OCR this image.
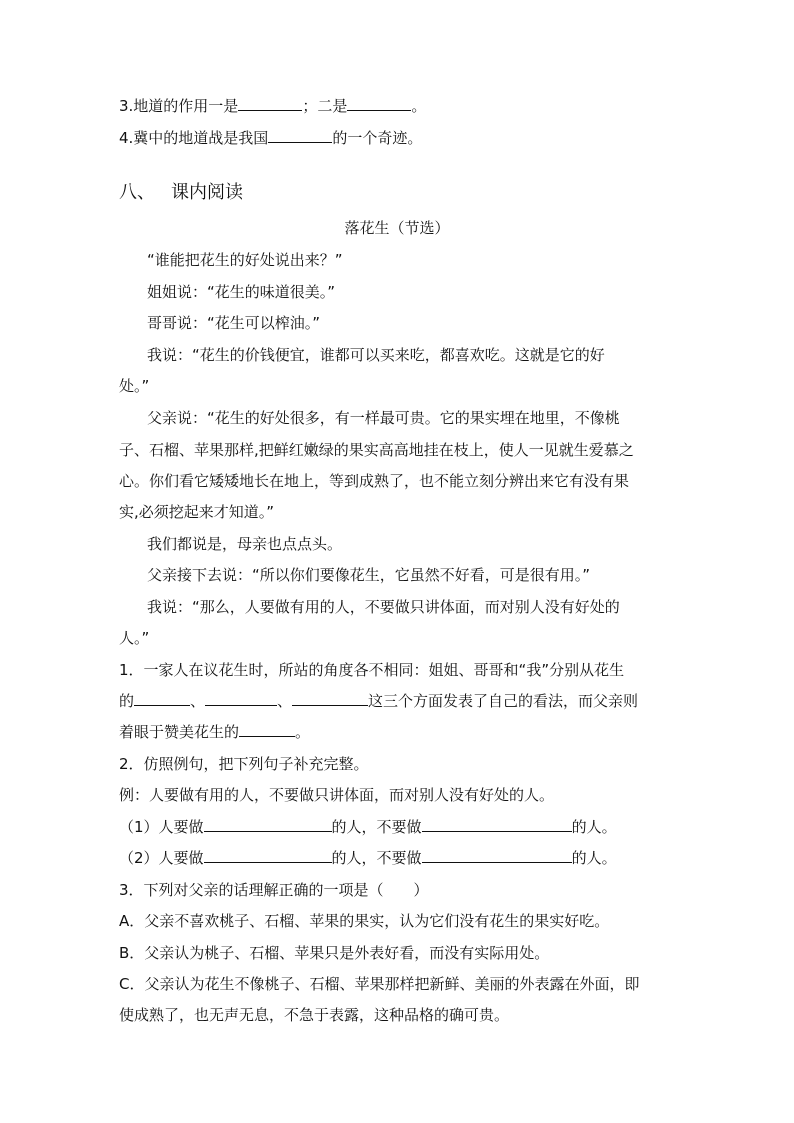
3.地道的作用一是	；二是	。
4.冀中的地道战是我国	的一个奇迹。
八、 课内阅读
落花生（节选）
“谁能把花生的好处说出来？”
姐姐说：“花生的味道很美。”
哥哥说：“花生可以榨油。”
我说：“花生的价钱便宜，谁都可以买来吃，都喜欢吃。这就是它的好
处。”
父亲说：“花生的好处很多，有一样最可贵。它的果实埋在地里，不像桃
子、石榴、苹果那样,把鲜红嫩绿的果实高高地挂在枝上，使人一见就生爱慕之
心。你们看它矮矮地长在地上，等到成熟了，也不能立刻分辨出来它有没有果
实,必须挖起来才知道。”
我们都说是，母亲也点点头。
父亲接下去说：“所以你们要像花生，它虽然不好看，可是很有用。”
我说：“那么，人要做有用的人，不要做只讲体面，而对别人没有好处的
人。”
1．一家人在议花生时，所站的角度各不相同：姐姐、哥哥和“我”分别从花生
的	、	、	这三个方面发表了自己的看法，而父亲则
着眼于赞美花生的	。
2．仿照例句，把下列句子补充完整。
例：人要做有用的人，不要做只讲体面，而对别人没有好处的人。
（1）人要做	的人，不要做	的人。
（2）人要做	的人，不要做	的人。
3．下列对父亲的话理解正确的一项是（　　）
A．父亲不喜欢桃子、石榴、苹果的果实，认为它们没有花生的果实好吃。
B．父亲认为桃子、石榴、苹果只是外表好看，而没有实际用处。
C．父亲认为花生不像桃子、石榴、苹果那样把新鲜、美丽的外表露在外面，即
使成熟了，也无声无息，不急于表露，这种品格的确可贵。
